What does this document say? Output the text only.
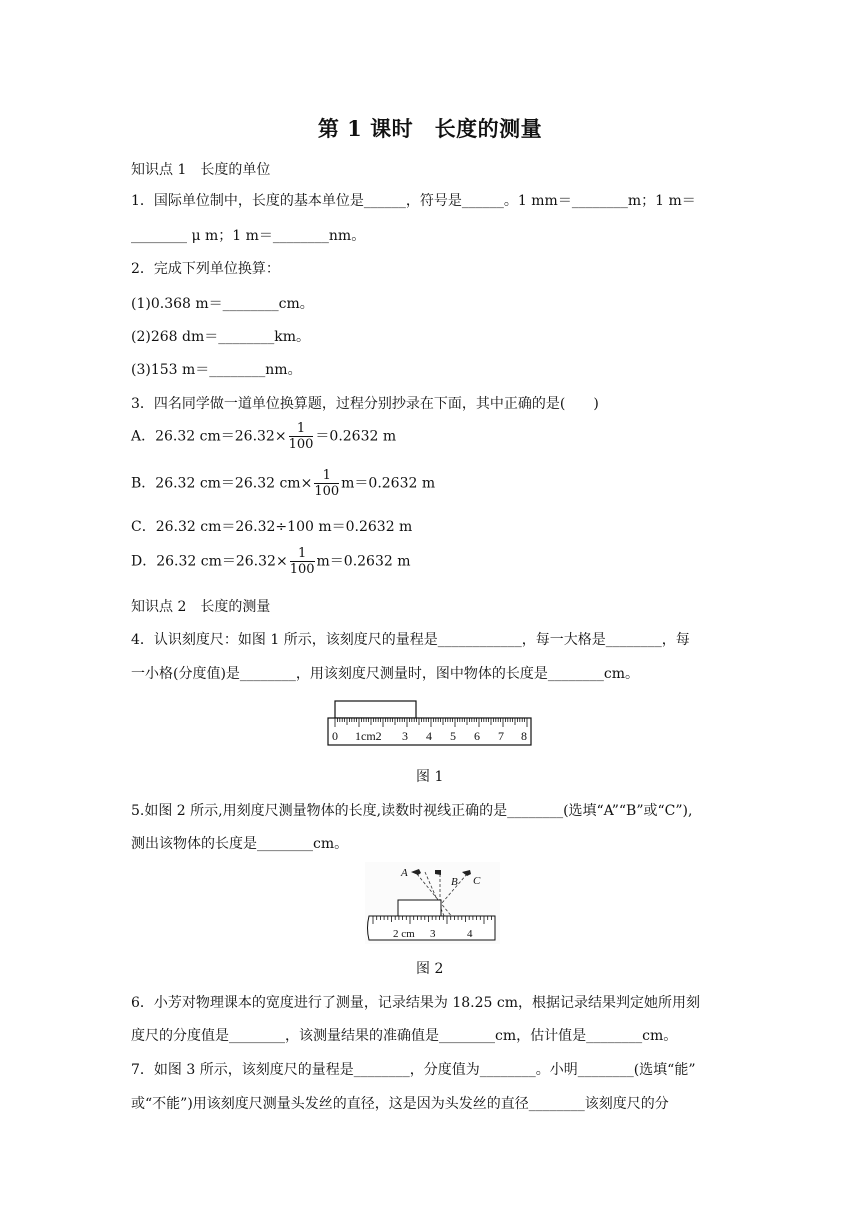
第 1 课时　长度的测量
知识点 1　长度的单位
1．国际单位制中，长度的基本单位是______，符号是______。1 mm＝________m；1 m＝
________ μ m；1 m＝________nm。
2．完成下列单位换算：
(1)0.368 m＝________cm。
(2)268 dm＝________km。
(3)153 m＝________nm。
3．四名同学做一道单位换算题，过程分别抄录在下面，其中正确的是(　　)
A．26.32 $cm=26.32\times \frac{1}{100} =0.2632$ m
B．26.32 cm＝26.32 $cm\times \frac{1}{100} m=0.2632$ m
C．26.32 cm＝26.32÷100 m＝0.2632 m
D．26.32 $cm=26.32\times \frac{1}{100} m=0.2632$ m
知识点 2　长度的测量
4．认识刻度尺：如图 1 所示，该刻度尺的量程是____________，每一大格是________，每
一小格(分度值)是________，用该刻度尺测量时，图中物体的长度是________cm。
0 1cm2 3 4 5 6 7 8
图 1
5.如图 2 所示,用刻度尺测量物体的长度,读数时视线正确的是________(选填“A”“B”或“C”),
测出该物体的长度是________cm。
A
B C
2 cm 3	4
图 2
6．小芳对物理课本的宽度进行了测量，记录结果为 18.25 cm，根据记录结果判定她所用刻
度尺的分度值是________，该测量结果的准确值是________cm，估计值是________cm。
7．如图 3 所示，该刻度尺的量程是________，分度值为________。小明________(选填“能”
或“不能”)用该刻度尺测量头发丝的直径，这是因为头发丝的直径________该刻度尺的分
